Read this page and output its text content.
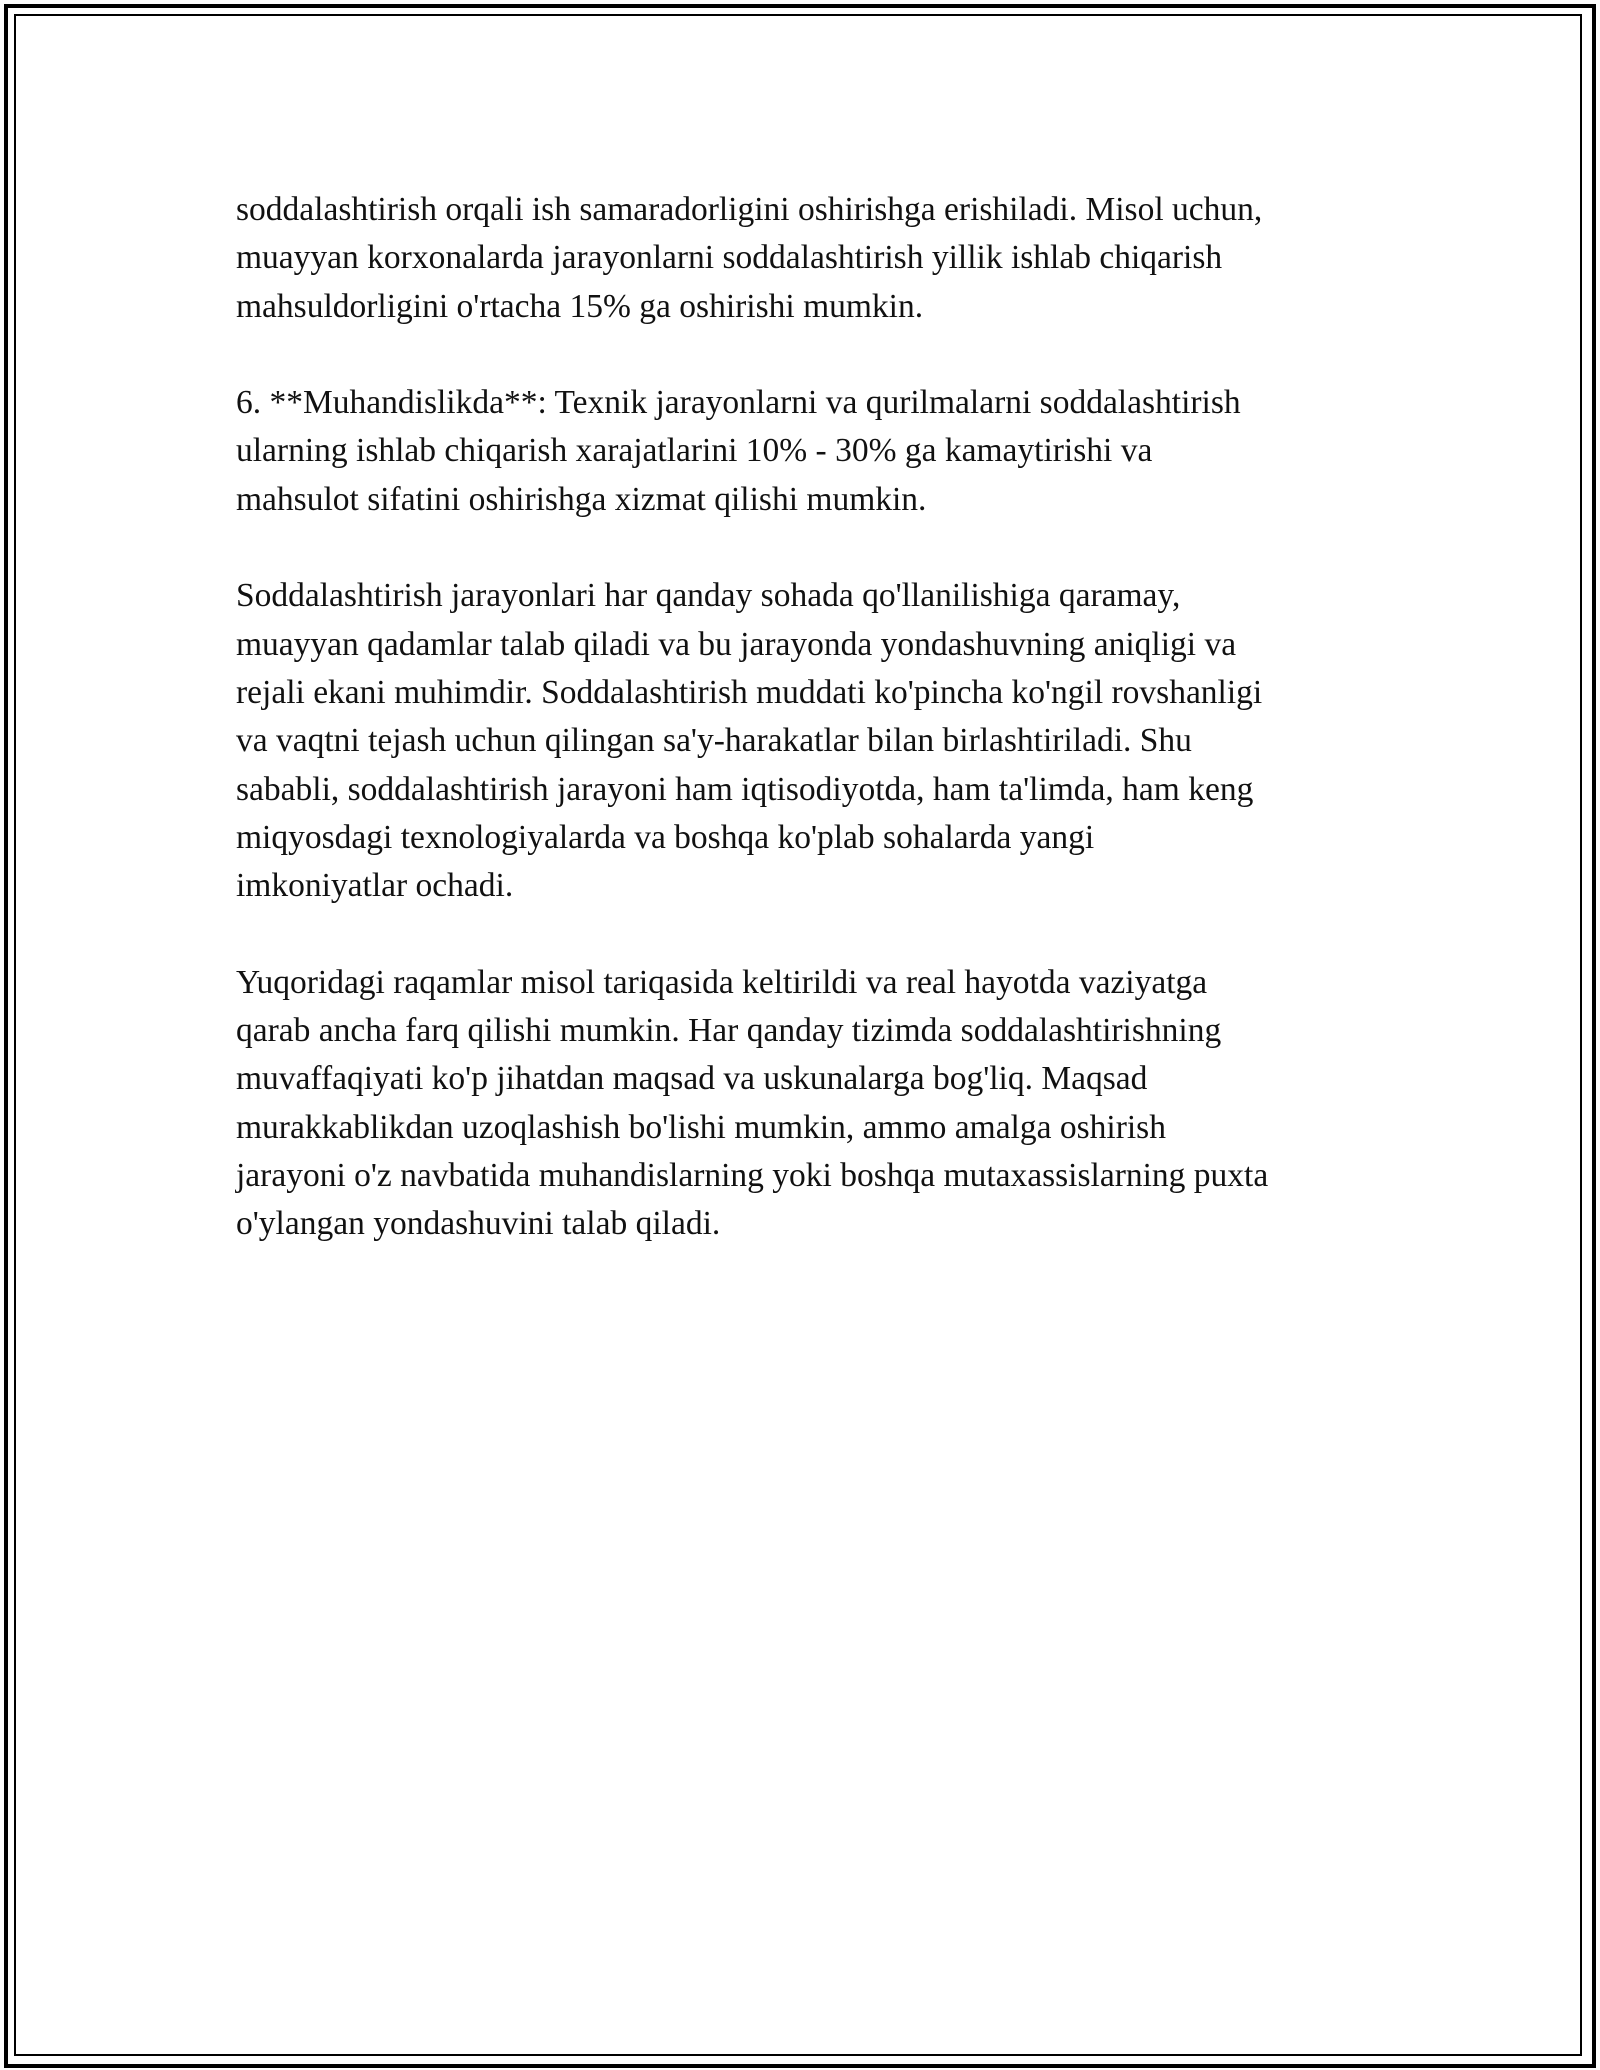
soddalashtirish orqali ish samaradorligini oshirishga erishiladi. Misol uchun,
muayyan korxonalarda jarayonlarni soddalashtirish yillik ishlab chiqarish
mahsuldorligini o'rtacha 15% ga oshirishi mumkin.

6. **Muhandislikda**: Texnik jarayonlarni va qurilmalarni soddalashtirish
ularning ishlab chiqarish xarajatlarini 10% - 30% ga kamaytirishi va
mahsulot sifatini oshirishga xizmat qilishi mumkin.

Soddalashtirish jarayonlari har qanday sohada qo'llanilishiga qaramay,
muayyan qadamlar talab qiladi va bu jarayonda yondashuvning aniqligi va
rejali ekani muhimdir. Soddalashtirish muddati ko'pincha ko'ngil rovshanligi
va vaqtni tejash uchun qilingan sa'y-harakatlar bilan birlashtiriladi. Shu
sababli, soddalashtirish jarayoni ham iqtisodiyotda, ham ta'limda, ham keng
miqyosdagi texnologiyalarda va boshqa ko'plab sohalarda yangi
imkoniyatlar ochadi.

Yuqoridagi raqamlar misol tariqasida keltirildi va real hayotda vaziyatga
qarab ancha farq qilishi mumkin. Har qanday tizimda soddalashtirishning
muvaffaqiyati ko'p jihatdan maqsad va uskunalarga bog'liq. Maqsad
murakkablikdan uzoqlashish bo'lishi mumkin, ammo amalga oshirish
jarayoni o'z navbatida muhandislarning yoki boshqa mutaxassislarning puxta
o'ylangan yondashuvini talab qiladi.
